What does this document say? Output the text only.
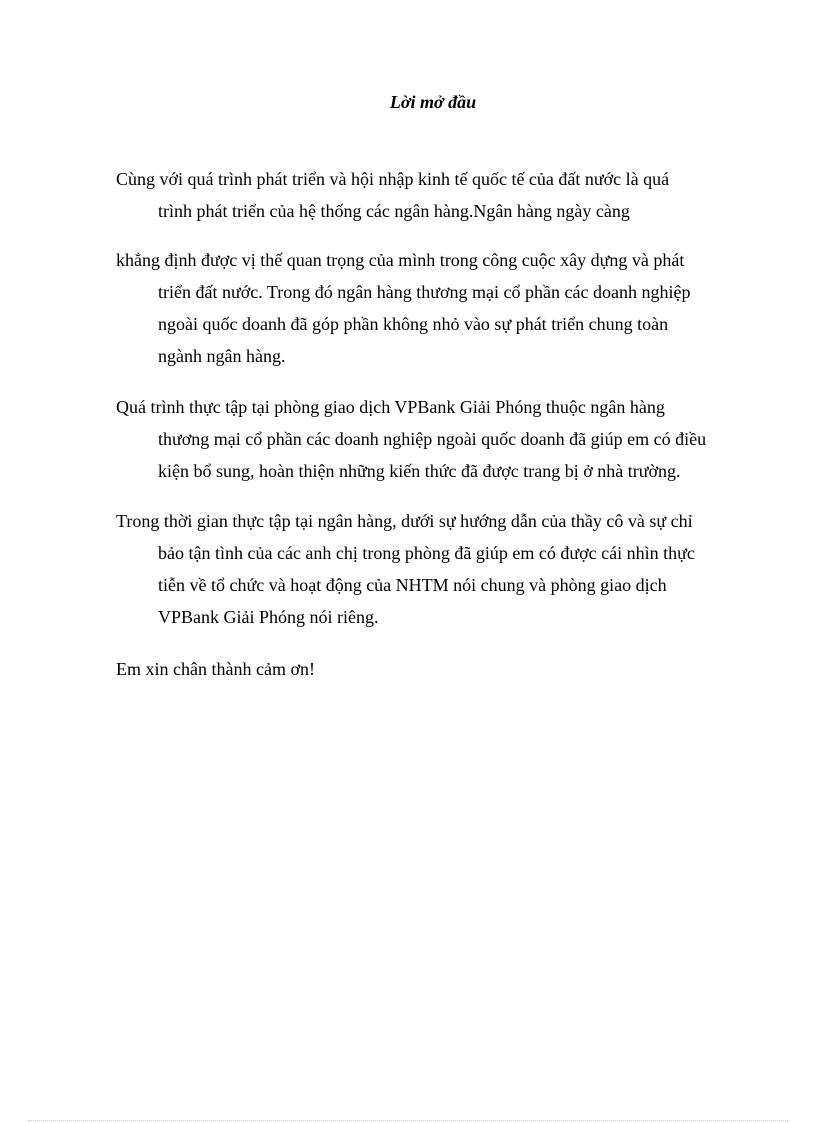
Lời mở đầu
Cùng với quá trình phát triển và hội nhập kinh tế quốc tế của đất nước là quá
trình phát triển của hệ thống các ngân hàng.Ngân hàng ngày càng
khẳng định được vị thế quan trọng của mình trong công cuộc xây dựng và phát
triển đất nước. Trong đó ngân hàng thương mại cổ phần các doanh nghiệp
ngoài quốc doanh đã góp phần không nhỏ vào sự phát triển chung toàn
ngành ngân hàng.
Quá trình thực tập tại phòng giao dịch VPBank Giải Phóng thuộc ngân hàng
thương mại cổ phần các doanh nghiệp ngoài quốc doanh đã giúp em có điều
kiện bổ sung, hoàn thiện những kiến thức đã được trang bị ở nhà trường.
Trong thời gian thực tập tại ngân hàng, dưới sự hướng dẫn của thầy cô và sự chỉ
bảo tận tình của các anh chị trong phòng đã giúp em có được cái nhìn thực
tiễn về tổ chức và hoạt động của NHTM nói chung và phòng giao dịch
VPBank Giải Phóng nói riêng.
Em xin chân thành cảm ơn!
